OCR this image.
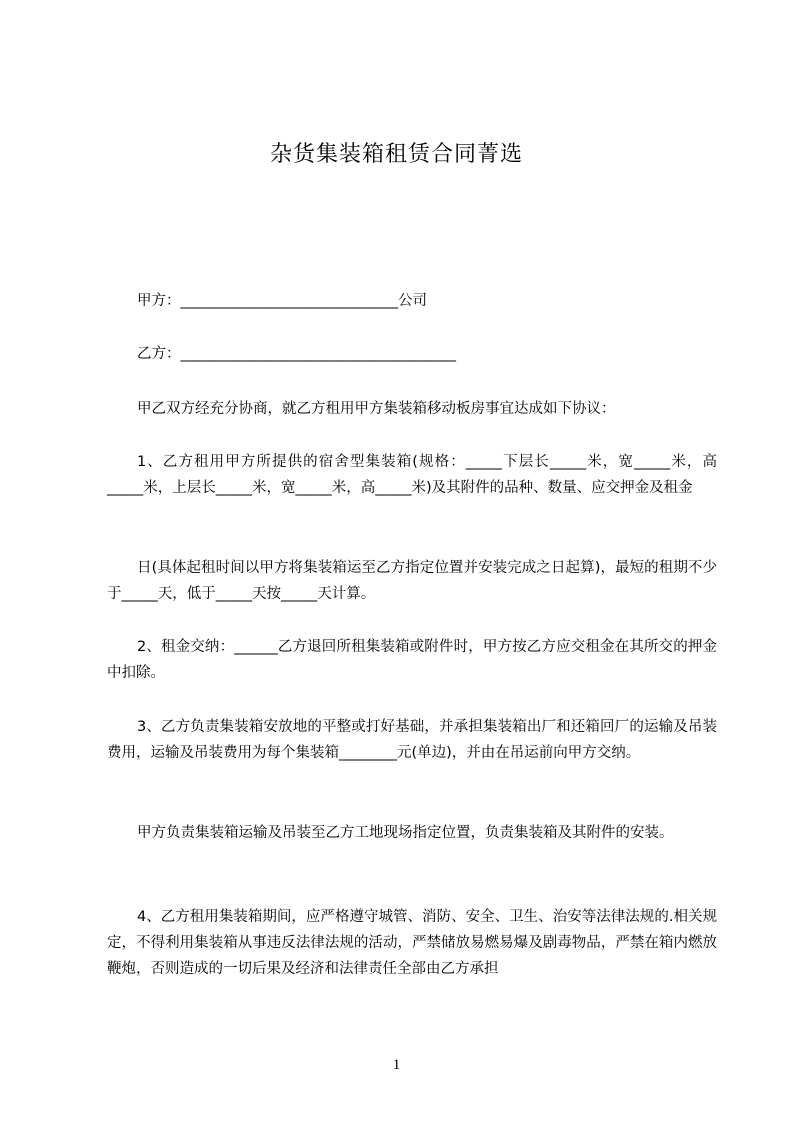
杂货集装箱租赁合同菁选
甲方：______________________________公司
乙方：______________________________________
甲乙双方经充分协商，就乙方租用甲方集装箱移动板房事宜达成如下协议：
1、乙方租用甲方所提供的宿舍型集装箱(规格：_____下层长_____米，宽_____米，高_____米，上层长_____米，宽_____米，高_____米)及其附件的品种、数量、应交押金及租金
日(具体起租时间以甲方将集装箱运至乙方指定位置并安装完成之日起算)，最短的租期不少于_____天，低于_____天按_____天计算。
2、租金交纳：______乙方退回所租集装箱或附件时，甲方按乙方应交租金在其所交的押金中扣除。
3、乙方负责集装箱安放地的平整或打好基础，并承担集装箱出厂和还箱回厂的运输及吊装费用，运输及吊装费用为每个集装箱________元(单边)，并由在吊运前向甲方交纳。
甲方负责集装箱运输及吊装至乙方工地现场指定位置，负责集装箱及其附件的安装。
4、乙方租用集装箱期间，应严格遵守城管、消防、安全、卫生、治安等法律法规的.相关规定，不得利用集装箱从事违反法律法规的活动，严禁储放易燃易爆及剧毒物品，严禁在箱内燃放鞭炮，否则造成的一切后果及经济和法律责任全部由乙方承担
1
